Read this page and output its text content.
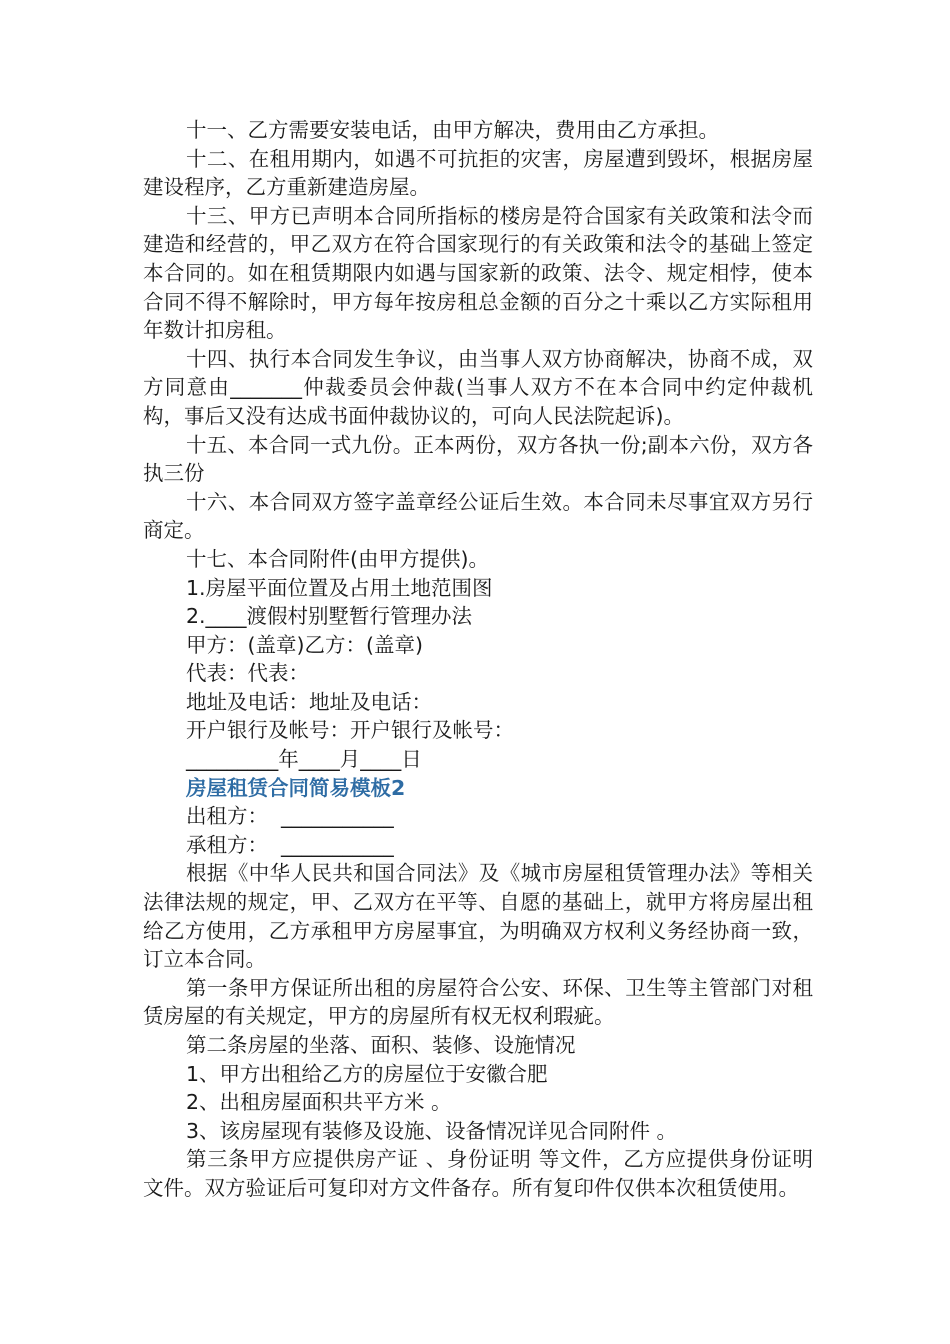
十一、乙方需要安装电话，由甲方解决，费用由乙方承担。

十二、在租用期内，如遇不可抗拒的灾害，房屋遭到毁坏，根据房屋建设程序，乙方重新建造房屋。

十三、甲方已声明本合同所指标的楼房是符合国家有关政策和法令而建造和经营的，甲乙双方在符合国家现行的有关政策和法令的基础上签定本合同的。如在租赁期限内如遇与国家新的政策、法令、规定相悖，使本合同不得不解除时，甲方每年按房租总金额的百分之十乘以乙方实际租用年数计扣房租。

十四、执行本合同发生争议，由当事人双方协商解决，协商不成，双方同意由_______仲裁委员会仲裁(当事人双方不在本合同中约定仲裁机构，事后又没有达成书面仲裁协议的，可向人民法院起诉)。

十五、本合同一式九份。正本两份，双方各执一份;副本六份，双方各执三份

十六、本合同双方签字盖章经公证后生效。本合同未尽事宜双方另行商定。

十七、本合同附件(由甲方提供)。

1.房屋平面位置及占用土地范围图

2.____渡假村别墅暂行管理办法

甲方：(盖章)乙方：(盖章)

代表：代表：

地址及电话：地址及电话：

开户银行及帐号：开户银行及帐号：

_________年____月____日

房屋租赁合同简易模板2

出租方：  ___________

承租方：  ___________

根据《中华人民共和国合同法》及《城市房屋租赁管理办法》等相关法律法规的规定，甲、乙双方在平等、自愿的基础上，就甲方将房屋出租给乙方使用，乙方承租甲方房屋事宜，为明确双方权利义务经协商一致，订立本合同。

第一条甲方保证所出租的房屋符合公安、环保、卫生等主管部门对租赁房屋的有关规定，甲方的房屋所有权无权利瑕疵。

第二条房屋的坐落、面积、装修、设施情况

1、甲方出租给乙方的房屋位于安徽合肥

2、出租房屋面积共平方米 。

3、该房屋现有装修及设施、设备情况详见合同附件 。

第三条甲方应提供房产证 、身份证明 等文件，乙方应提供身份证明文件。双方验证后可复印对方文件备存。所有复印件仅供本次租赁使用。
